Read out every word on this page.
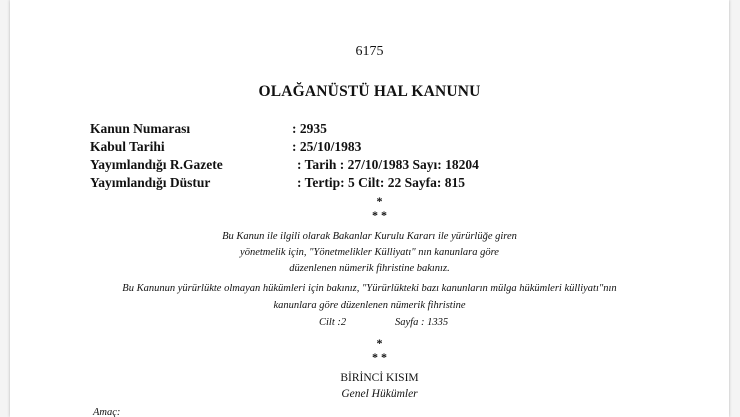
6175
OLAĞANÜSTÜ HAL KANUNU
Kanun Numarası	: 2935
Kabul Tarihi	: 25/10/1983
Yayımlandığı R.Gazete	: Tarih : 27/10/1983 Sayı: 18204
Yayımlandığı Düstur	: Tertip: 5 Cilt: 22 Sayfa: 815
*
* *
Bu Kanun ile ilgili olarak Bakanlar Kurulu Kararı ile yürürlüğe giren
yönetmelik için, "Yönetmelikler Külliyatı" nın kanunlara göre
düzenlenen nümerik fihristine bakınız.
Bu Kanunun yürürlükte olmayan hükümleri için bakınız, "Yürürlükteki bazı kanunların mülga hükümleri külliyatı"nın
kanunlara göre düzenlenen nümerik fihristine
Cilt :2	Sayfa : 1335
*
* *
BİRİNCİ KISIM
Genel Hükümler
Amaç:
